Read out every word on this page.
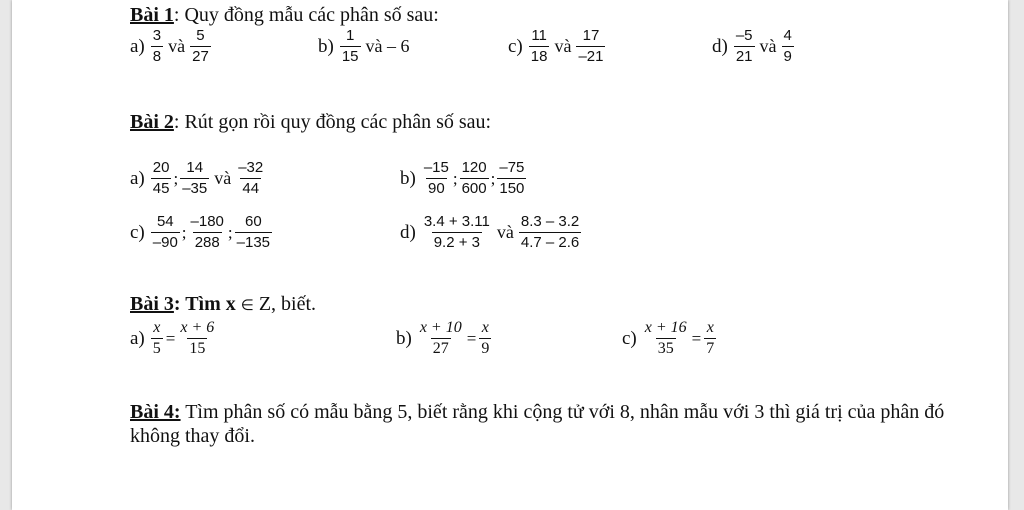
Bài 1: Quy đồng mẫu các phân số sau:
$a) \frac{3}{8}$ và $\frac{5}{27}$	$b) \frac{1}{15}$ và – 6	$c) \frac{11}{18}$ và $\frac{17}{-21}$	$d) \frac{-5}{21}$ và $\frac{4}{9}$
Bài 2: Rút gọn rồi quy đồng các phân số sau:
$a) \frac{20}{45}$ ; $\frac{14}{-35}$ và $\frac{-32}{44}$	$b) \frac{-15}{90}$ ; $\frac{120}{600}$ ; $\frac{-75}{150}$
$c) \frac{54}{-90}$ ; $\frac{-180}{288}$ ; $\frac{60}{-135}$	$d) \frac{3.4 + 3.11}{9.2 + 3}$ và $\frac{8.3 - 3.2}{4.7 - 2.6}$
Bài 3: Tìm x ∈ Z, biết.
$a) \frac{x}{5} = \frac{x + 6}{15}$	$b) \frac{x + 10}{27} = \frac{x}{9}$	$c) \frac{x + 16}{35} = \frac{x}{7}$
Bài 4: Tìm phân số có mẫu bằng 5, biết rằng khi cộng tử với 8, nhân mẫu với 3 thì giá trị của phân đó không thay đổi.
